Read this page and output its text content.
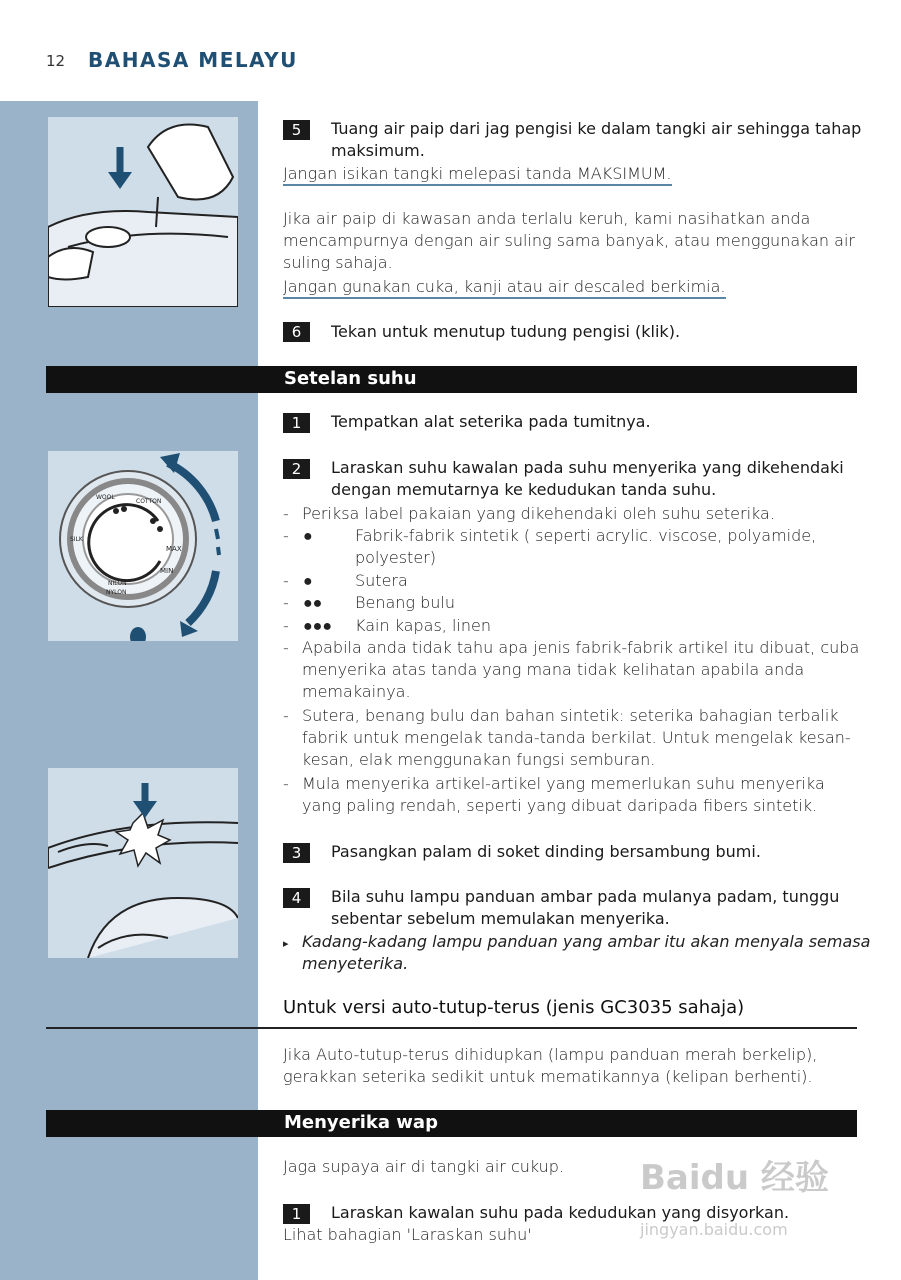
12 BAHASA MELAYU
MAX
MIN
NILON
NYLON
COTTON
WOOL
SILK
5	Tuang air paip dari jag pengisi ke dalam tangki air sehingga tahap
maksimum.
Jangan isikan tangki melepasi tanda MAKSIMUM.
Jika air paip di kawasan anda terlalu keruh, kami nasihatkan anda
mencampurnya dengan air suling sama banyak, atau menggunakan air
suling sahaja.
Jangan gunakan cuka, kanji atau air descaled berkimia.
6	Tekan untuk menutup tudung pengisi (klik).
Setelan suhu
1	Tempatkan alat seterika pada tumitnya.
2	Laraskan suhu kawalan pada suhu menyerika yang dikehendaki
dengan memutarnya ke kedudukan tanda suhu.
- Periksa label pakaian yang dikehendaki oleh suhu seterika.
- ●	Fabrik-fabrik sintetik ( seperti acrylic. viscose, polyamide,
polyester)
- ●	Sutera
- ●● Benang bulu
- ●●● Kain kapas, linen
- Apabila anda tidak tahu apa jenis fabrik-fabrik artikel itu dibuat, cuba
menyerika atas tanda yang mana tidak kelihatan apabila anda
memakainya.
- Sutera, benang bulu dan bahan sintetik: seterika bahagian terbalik
fabrik untuk mengelak tanda-tanda berkilat. Untuk mengelak kesan-
kesan, elak menggunakan fungsi semburan.
- Mula menyerika artikel-artikel yang memerlukan suhu menyerika
yang paling rendah, seperti yang dibuat daripada fibers sintetik.
3	Pasangkan palam di soket dinding bersambung bumi.
4	Bila suhu lampu panduan ambar pada mulanya padam, tunggu
sebentar sebelum memulakan menyerika.
▸ Kadang-kadang lampu panduan yang ambar itu akan menyala semasa
menyeterika.
Untuk versi auto-tutup-terus (jenis GC3035 sahaja)
Jika Auto-tutup-terus dihidupkan (lampu panduan merah berkelip),
gerakkan seterika sedikit untuk mematikannya (kelipan berhenti).
Menyerika wap
Jaga supaya air di tangki air cukup.
1	Laraskan kawalan suhu pada kedudukan yang disyorkan.
Lihat bahagian 'Laraskan suhu'
Baidu 经验
jingyan.baidu.com
